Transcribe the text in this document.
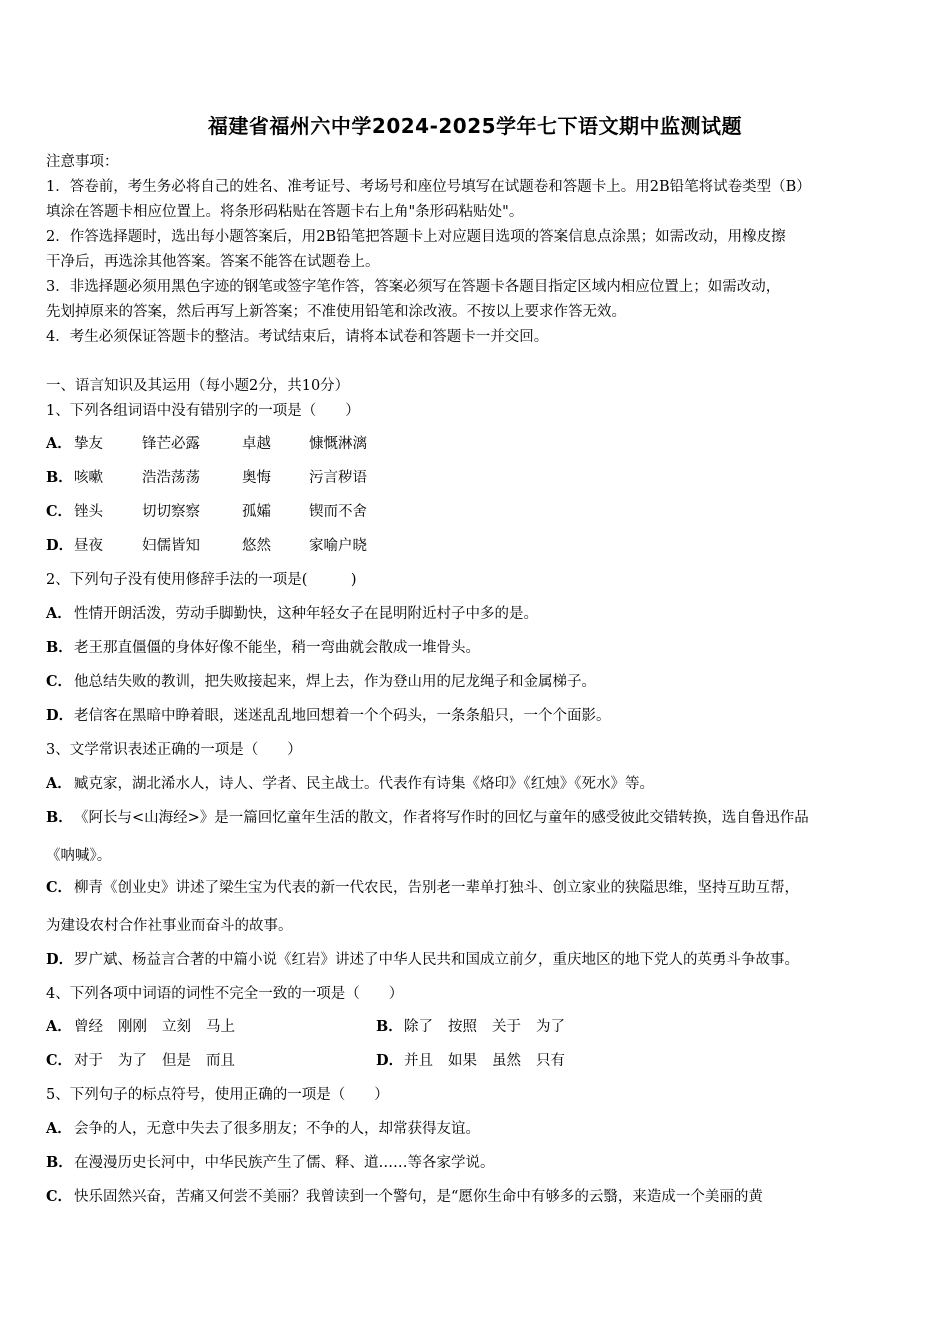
福建省福州六中学2024-2025学年七下语文期中监测试题
注意事项：
1．答卷前，考生务必将自己的姓名、准考证号、考场号和座位号填写在试题卷和答题卡上。用2B铅笔将试卷类型（B）
填涂在答题卡相应位置上。将条形码粘贴在答题卡右上角"条形码粘贴处"。
2．作答选择题时，选出每小题答案后，用2B铅笔把答题卡上对应题目选项的答案信息点涂黑；如需改动，用橡皮擦
干净后，再选涂其他答案。答案不能答在试题卷上。
3．非选择题必须用黑色字迹的钢笔或签字笔作答，答案必须写在答题卡各题目指定区域内相应位置上；如需改动，
先划掉原来的答案，然后再写上新答案；不准使用铅笔和涂改液。不按以上要求作答无效。
4．考生必须保证答题卡的整洁。考试结束后，请将本试卷和答题卡一并交回。
一、语言知识及其运用（每小题2分，共10分）
1、下列各组词语中没有错别字的一项是（　　）
A． 挚友	锋芒必露	卓越	慷慨淋漓
B．咳嗽	浩浩荡荡	奥悔	污言秽语
C． 锉头	切切察察	孤孀	锲而不舍
D．昼夜	妇儒皆知	悠然	家喻户晓
2、下列句子没有使用修辞手法的一项是(　　　)
A． 性情开朗活泼，劳动手脚勤快，这种年轻女子在昆明附近村子中多的是。
B．老王那直僵僵的身体好像不能坐，稍一弯曲就会散成一堆骨头。
C． 他总结失败的教训，把失败接起来，焊上去，作为登山用的尼龙绳子和金属梯子。
D．老信客在黑暗中睁着眼，迷迷乱乱地回想着一个个码头，一条条船只，一个个面影。
3、文学常识表述正确的一项是（　　）
A． 臧克家，湖北浠水人，诗人、学者、民主战士。代表作有诗集《烙印》《红烛》《死水》等。
B．《阿长与<山海经>》是一篇回忆童年生活的散文，作者将写作时的回忆与童年的感受彼此交错转换，选自鲁迅作品
《呐喊》。
C． 柳青《创业史》讲述了梁生宝为代表的新一代农民，告别老一辈单打独斗、创立家业的狭隘思维，坚持互助互帮，
为建设农村合作社事业而奋斗的故事。
D．罗广斌、杨益言合著的中篇小说《红岩》讲述了中华人民共和国成立前夕，重庆地区的地下党人的英勇斗争故事。
4、下列各项中词语的词性不完全一致的一项是（　　）
A． 曾经 刚刚 立刻 马上	B．除了 按照 关于 为了
C． 对于 为了 但是 而且	D．并且 如果 虽然 只有
5、下列句子的标点符号，使用正确的一项是（　　）
A． 会争的人，无意中失去了很多朋友；不争的人，却常获得友谊。
B．在漫漫历史长河中，中华民族产生了儒、释、道……等各家学说。
C． 快乐固然兴奋，苦痛又何尝不美丽？我曾读到一个警句，是“愿你生命中有够多的云翳，来造成一个美丽的黄
